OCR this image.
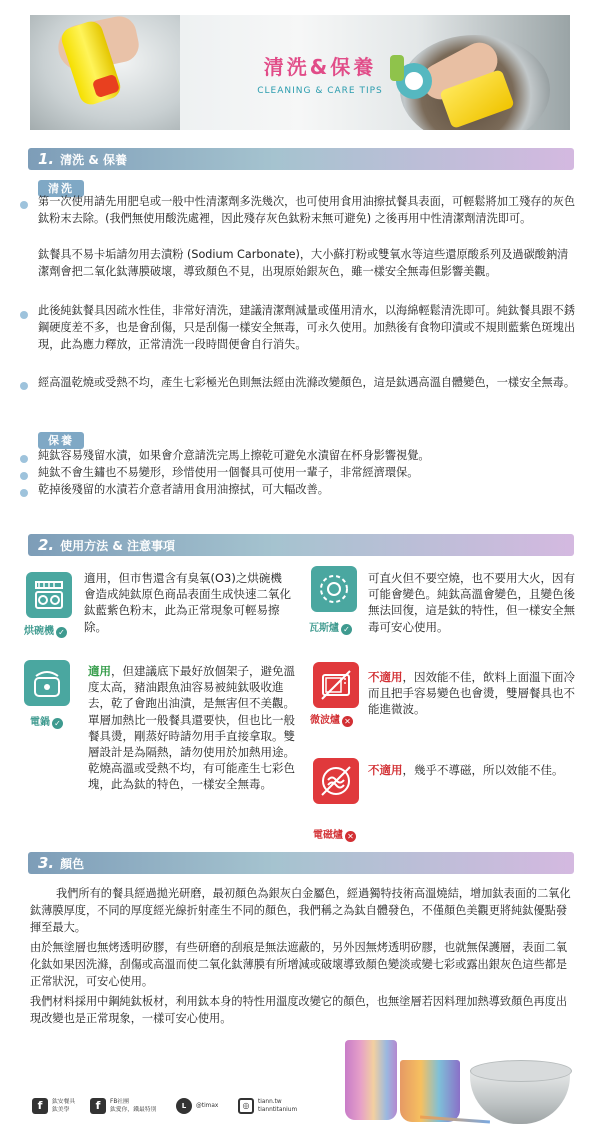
清洗&保養
CLEANING & CARE TIPS
1. 清洗 & 保養
清洗
第一次使用請先用肥皂或一般中性清潔劑多洗幾次，也可使用食用油擦拭餐具表面，可輕鬆將加工殘存的灰色鈦粉末去除。(我們無使用酸洗處裡，因此殘存灰色鈦粉末無可避免) 之後再用中性清潔劑清洗即可。
鈦餐具不易卡垢請勿用去漬粉 (Sodium Carbonate)，大小蘇打粉或雙氧水等這些還原酸系列及過碳酸鈉清潔劑會把二氧化鈦薄膜破壞，導致顏色不見，出現原始銀灰色，雖一樣安全無毒但影響美觀。
此後純鈦餐具因疏水性佳，非常好清洗，建議清潔劑減量或僅用清水，以海綿輕鬆清洗即可。純鈦餐具跟不銹鋼硬度差不多，也是會刮傷，只是刮傷一樣安全無毒，可永久使用。加熱後有食物印漬或不規則藍紫色斑塊出現，此為應力釋放，正常清洗一段時間便會自行消失。
經高溫乾燒或受熱不均，產生七彩極光色則無法經由洗滌改變顏色，這是鈦遇高溫自體變色，一樣安全無毒。
保養
純鈦容易殘留水漬，如果會介意請洗完馬上擦乾可避免水漬留在杯身影響視覺。
純鈦不會生鏽也不易變形，珍惜使用一個餐具可使用一輩子，非常經濟環保。
乾掉後殘留的水漬若介意者請用食用油擦拭，可大幅改善。
2. 使用方法 & 注意事項
烘碗機 ✓
適用，但市售還含有臭氧(O3)之烘碗機會造成純鈦原色商品表面生成快速二氧化鈦藍紫色粉末，此為正常現象可輕易擦除。	瓦斯爐 ✓
可直火但不要空燒，也不要用大火，因有可能會變色。純鈦高溫會變色，且變色後無法回復，這是鈦的特性，但一樣安全無毒可安心使用。
電鍋 ✓
適用，但建議底下最好放個架子，避免溫度太高，豬油跟魚油容易被純鈦吸收進去，乾了會跑出油漬，是無害但不美觀。單層加熱比一般餐具還要快，但也比一般餐具燙，剛蒸好時請勿用手直接拿取。雙層設計是為隔熱，請勿使用於加熱用途。乾燒高溫或受熱不均，有可能產生七彩色塊，此為鈦的特色，一樣安全無毒。
微波爐 ✕
不適用，因效能不佳，飲料上面溫下面冷而且把手容易變色也會燙，雙層餐具也不能進微波。
電磁爐 ✕
不適用，幾乎不導磁，所以效能不佳。
3. 顏色
我們所有的餐具經過拋光研磨，最初顏色為銀灰白金屬色，經過獨特技術高溫燒結，增加鈦表面的二氧化鈦薄膜厚度，不同的厚度經光線折射產生不同的顏色，我們稱之為鈦自體發色，不僅顏色美觀更將純鈦優點發揮至最大。
由於無塗層也無烤透明矽膠，有些研磨的刮痕是無法遮蔽的，另外因無烤透明矽膠，也就無保護層，表面二氧化鈦如果因洗滌，刮傷或高溫而使二氧化鈦薄膜有所增減或破壞導致顏色變淡或變七彩或露出銀灰色這些都是正常狀況，可安心使用。
我們材料採用中鋼純鈦板材，利用鈦本身的特性用溫度改變它的顏色，也無塗層若因料理加熱導致顏色再度出現改變也是正常現象，一樣可安心使用。
f	鈦安餐具
鈦美學	f	FB社團
鈦愛你，鐵最特別	L	@timax	◎	tiann.tw
tianntitanium
